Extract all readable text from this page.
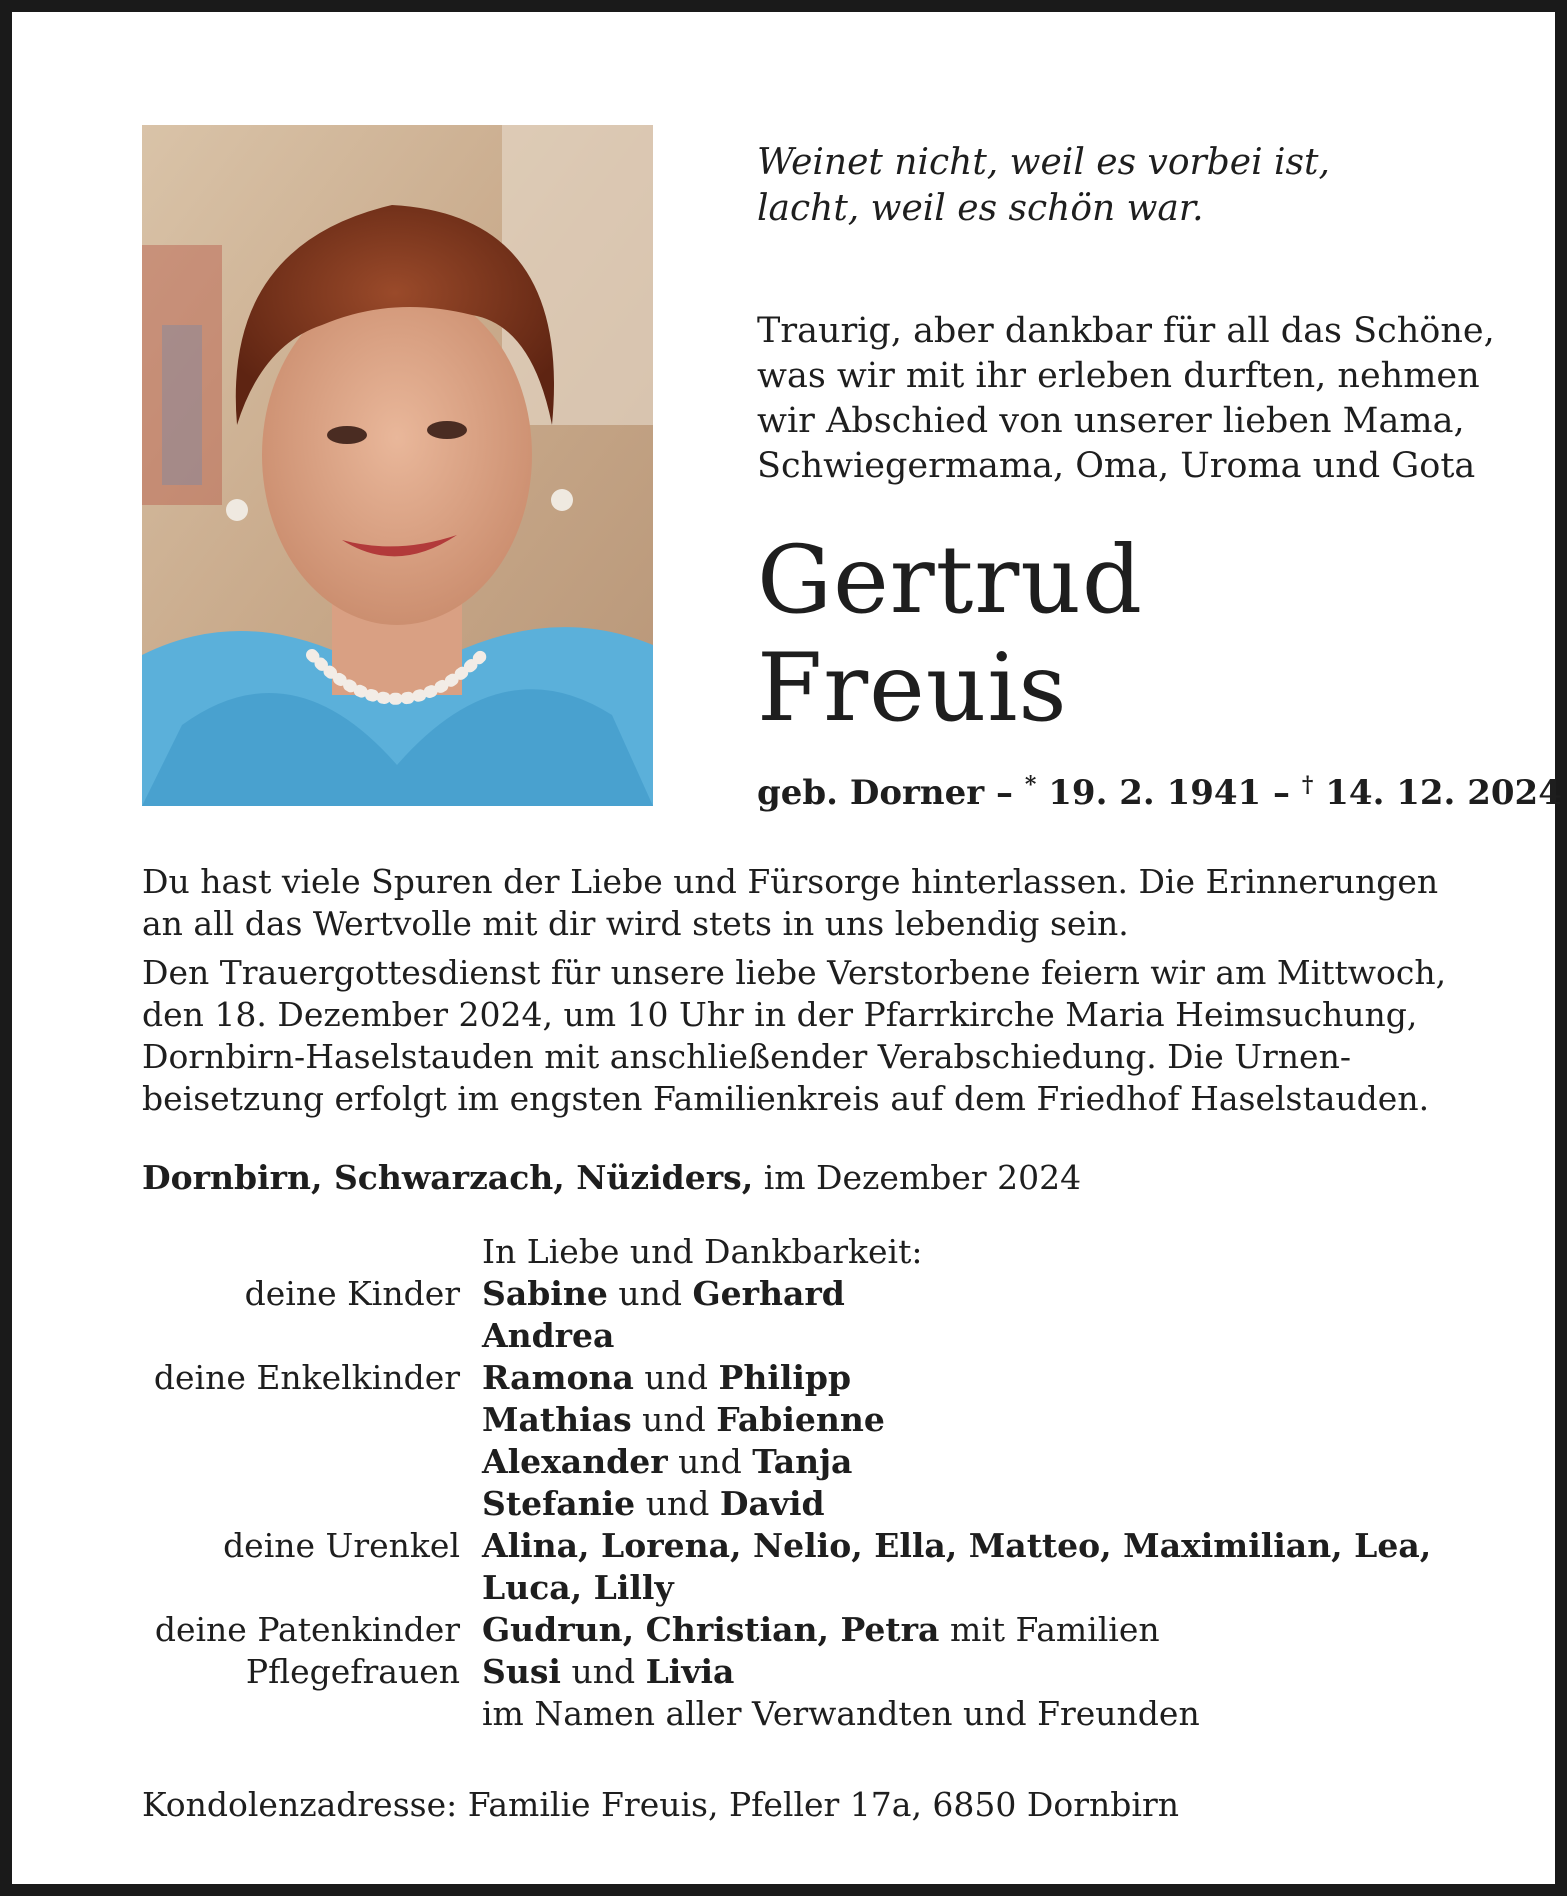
Weinet nicht, weil es vorbei ist,
lacht, weil es schön war.
Traurig, aber dankbar für all das Schöne,
was wir mit ihr erleben durften, nehmen
wir Abschied von unserer lieben Mama,
Schwiegermama, Oma, Uroma und Gota
Gertrud
Freuis
geb. Dorner – * 19. 2. 1941 – † 14. 12. 2024
Du hast viele Spuren der Liebe und Fürsorge hinterlassen. Die Erinnerungen
an all das Wertvolle mit dir wird stets in uns lebendig sein.
Den Trauergottesdienst für unsere liebe Verstorbene feiern wir am Mittwoch,
den 18. Dezember 2024, um 10 Uhr in der Pfarrkirche Maria Heimsuchung,
Dornbirn-Haselstauden mit anschließender Verabschiedung. Die Urnen-
beisetzung erfolgt im engsten Familienkreis auf dem Friedhof Haselstauden.
Dornbirn, Schwarzach, Nüziders, im Dezember 2024
In Liebe und Dankbarkeit:
deine Kinder Sabine und Gerhard
Andrea
deine Enkelkinder Ramona und Philipp
Mathias und Fabienne
Alexander und Tanja
Stefanie und David
deine Urenkel Alina, Lorena, Nelio, Ella, Matteo, Maximilian, Lea,
Luca, Lilly
deine Patenkinder Gudrun, Christian, Petra mit Familien
Pflegefrauen Susi und Livia
im Namen aller Verwandten und Freunden
Kondolenzadresse: Familie Freuis, Pfeller 17a, 6850 Dornbirn
